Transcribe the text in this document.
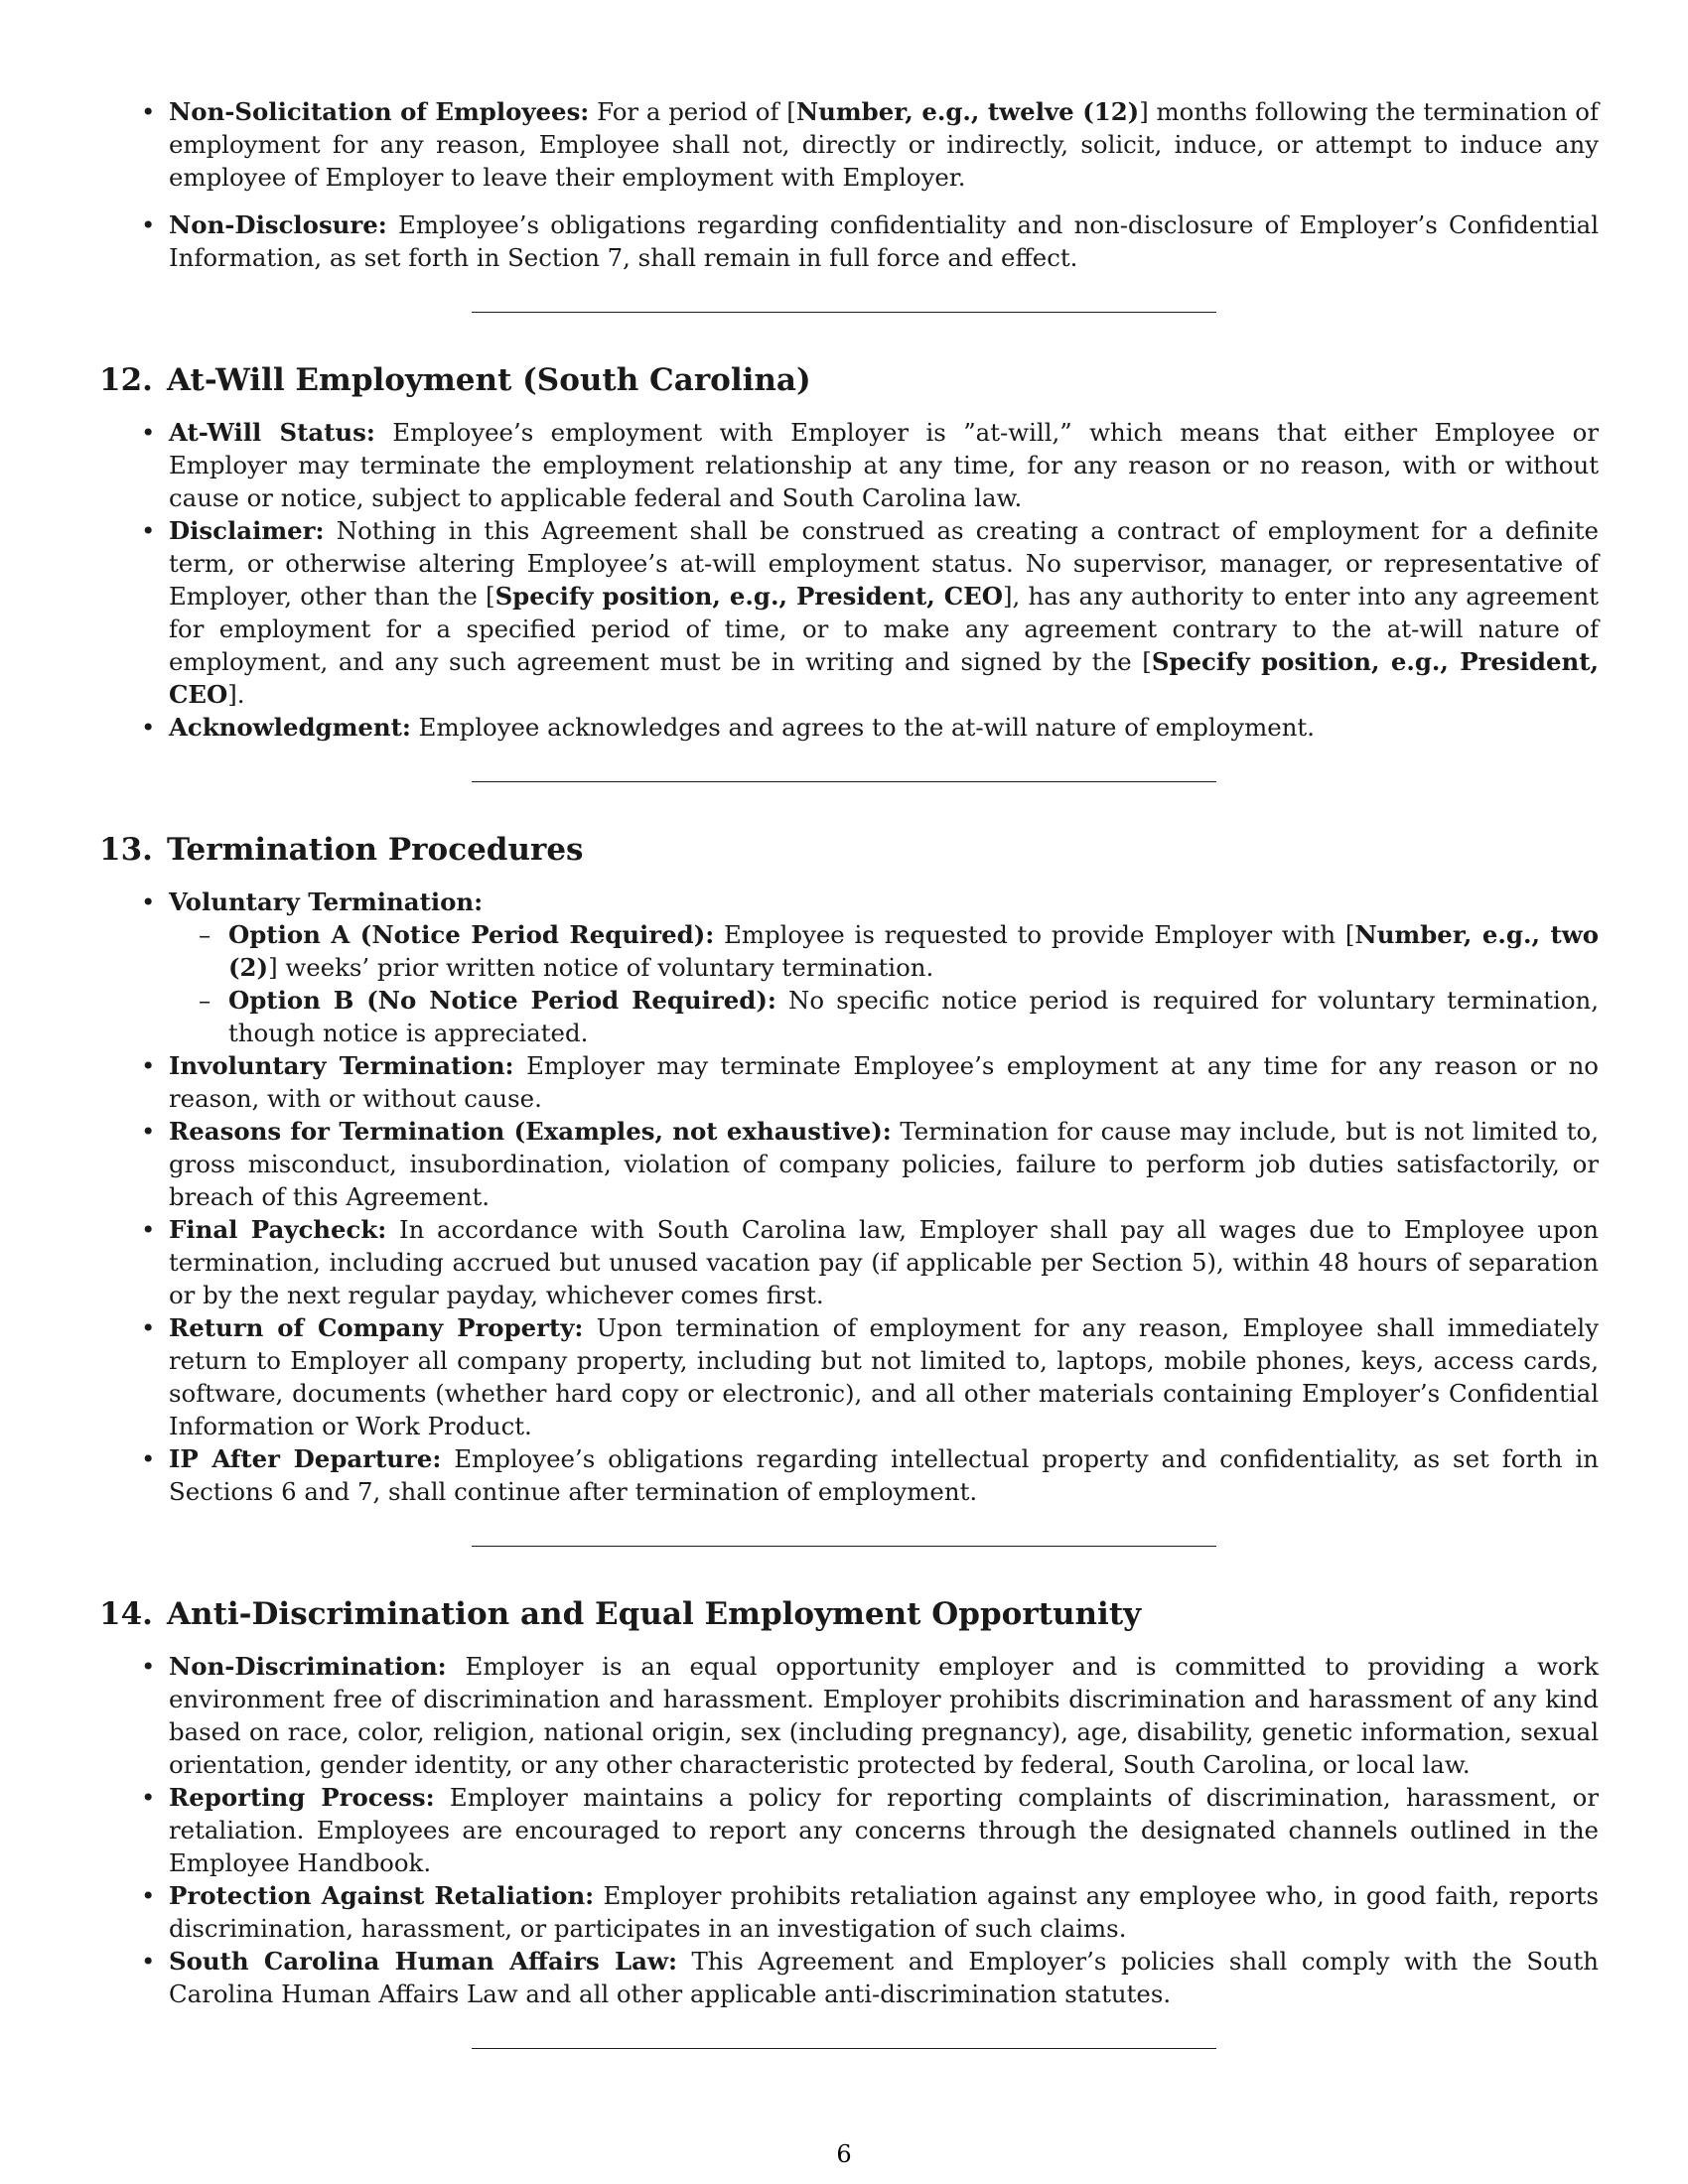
• Non-Solicitation of Employees: For a period of [Number, e.g., twelve (12)] months following the termination of employment for any reason, Employee shall not, directly or indirectly, solicit, induce, or attempt to induce any employee of Employer to leave their employment with Employer.
• Non-Disclosure: Employee’s obligations regarding confidentiality and non-disclosure of Employer’s Confidential Information, as set forth in Section 7, shall remain in full force and effect.
12. At-Will Employment (South Carolina)
• At-Will Status: Employee’s employment with Employer is ”at-will,” which means that either Employee or Employer may terminate the employment relationship at any time, for any reason or no reason, with or without cause or notice, subject to applicable federal and South Carolina law.
• Disclaimer: Nothing in this Agreement shall be construed as creating a contract of employment for a definite term, or otherwise altering Employee’s at-will employment status. No supervisor, manager, or representative of Employer, other than the [Specify position, e.g., President, CEO], has any authority to enter into any agreement for employment for a specified period of time, or to make any agreement contrary to the at-will nature of employment, and any such agreement must be in writing and signed by the [Specify position, e.g., President, CEO].
• Acknowledgment: Employee acknowledges and agrees to the at-will nature of employment.
13. Termination Procedures
• Voluntary Termination:
– Option A (Notice Period Required): Employee is requested to provide Employer with [Number, e.g., two (2)] weeks’ prior written notice of voluntary termination.
– Option B (No Notice Period Required): No specific notice period is required for voluntary termination, though notice is appreciated.
• Involuntary Termination: Employer may terminate Employee’s employment at any time for any reason or no reason, with or without cause.
• Reasons for Termination (Examples, not exhaustive): Termination for cause may include, but is not limited to, gross misconduct, insubordination, violation of company policies, failure to perform job duties satisfactorily, or breach of this Agreement.
• Final Paycheck: In accordance with South Carolina law, Employer shall pay all wages due to Employee upon termination, including accrued but unused vacation pay (if applicable per Section 5), within 48 hours of separation or by the next regular payday, whichever comes first.
• Return of Company Property: Upon termination of employment for any reason, Employee shall immediately return to Employer all company property, including but not limited to, laptops, mobile phones, keys, access cards, software, documents (whether hard copy or electronic), and all other materials containing Employer’s Confidential Information or Work Product.
• IP After Departure: Employee’s obligations regarding intellectual property and confidentiality, as set forth in Sections 6 and 7, shall continue after termination of employment.
14. Anti-Discrimination and Equal Employment Opportunity
• Non-Discrimination: Employer is an equal opportunity employer and is committed to providing a work environment free of discrimination and harassment. Employer prohibits discrimination and harassment of any kind based on race, color, religion, national origin, sex (including pregnancy), age, disability, genetic information, sexual orientation, gender identity, or any other characteristic protected by federal, South Carolina, or local law.
• Reporting Process: Employer maintains a policy for reporting complaints of discrimination, harassment, or retaliation. Employees are encouraged to report any concerns through the designated channels outlined in the Employee Handbook.
• Protection Against Retaliation: Employer prohibits retaliation against any employee who, in good faith, reports discrimination, harassment, or participates in an investigation of such claims.
• South Carolina Human Affairs Law: This Agreement and Employer’s policies shall comply with the South Carolina Human Affairs Law and all other applicable anti-discrimination statutes.
6
